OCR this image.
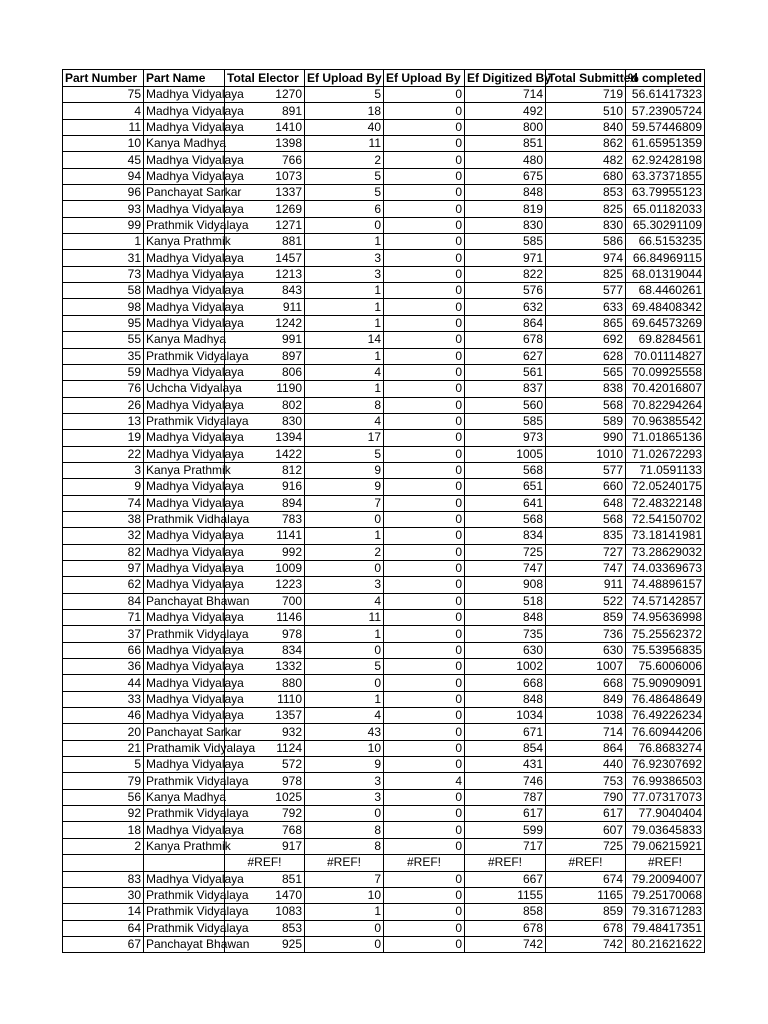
Part Number	Part Name	Total Elector	Ef Upload By	Ef Upload By	Ef Digitized By	Total Submitted	% completed
75	Madhya Vidyalaya	1270	5	0	714	719	56.61417323
4	Madhya Vidyalaya	891	18	0	492	510	57.23905724
11	Madhya Vidyalaya	1410	40	0	800	840	59.57446809
10	Kanya Madhya	1398	11	0	851	862	61.65951359
45	Madhya Vidyalaya	766	2	0	480	482	62.92428198
94	Madhya Vidyalaya	1073	5	0	675	680	63.37371855
96	Panchayat Sarkar	1337	5	0	848	853	63.79955123
93	Madhya Vidyalaya	1269	6	0	819	825	65.01182033
99	Prathmik Vidyalaya	1271	0	0	830	830	65.30291109
1	Kanya Prathmik	881	1	0	585	586	66.5153235
31	Madhya Vidyalaya	1457	3	0	971	974	66.84969115
73	Madhya Vidyalaya	1213	3	0	822	825	68.01319044
58	Madhya Vidyalaya	843	1	0	576	577	68.4460261
98	Madhya Vidyalaya	911	1	0	632	633	69.48408342
95	Madhya Vidyalaya	1242	1	0	864	865	69.64573269
55	Kanya Madhya	991	14	0	678	692	69.8284561
35	Prathmik Vidyalaya	897	1	0	627	628	70.01114827
59	Madhya Vidyalaya	806	4	0	561	565	70.09925558
76	Uchcha Vidyalaya	1190	1	0	837	838	70.42016807
26	Madhya Vidyalaya	802	8	0	560	568	70.82294264
13	Prathmik Vidyalaya	830	4	0	585	589	70.96385542
19	Madhya Vidyalaya	1394	17	0	973	990	71.01865136
22	Madhya Vidyalaya	1422	5	0	1005	1010	71.02672293
3	Kanya Prathmik	812	9	0	568	577	71.0591133
9	Madhya Vidyalaya	916	9	0	651	660	72.05240175
74	Madhya Vidyalaya	894	7	0	641	648	72.48322148
38	Prathmik Vidhalaya	783	0	0	568	568	72.54150702
32	Madhya Vidyalaya	1141	1	0	834	835	73.18141981
82	Madhya Vidyalaya	992	2	0	725	727	73.28629032
97	Madhya Vidyalaya	1009	0	0	747	747	74.03369673
62	Madhya Vidyalaya	1223	3	0	908	911	74.48896157
84	Panchayat Bhawan	700	4	0	518	522	74.57142857
71	Madhya Vidyalaya	1146	11	0	848	859	74.95636998
37	Prathmik Vidyalaya	978	1	0	735	736	75.25562372
66	Madhya Vidyalaya	834	0	0	630	630	75.53956835
36	Madhya Vidyalaya	1332	5	0	1002	1007	75.6006006
44	Madhya Vidyalaya	880	0	0	668	668	75.90909091
33	Madhya Vidyalaya	1110	1	0	848	849	76.48648649
46	Madhya Vidyalaya	1357	4	0	1034	1038	76.49226234
20	Panchayat Sarkar	932	43	0	671	714	76.60944206
21	Prathamik Vidyalaya	1124	10	0	854	864	76.8683274
5	Madhya Vidyalaya	572	9	0	431	440	76.92307692
79	Prathmik Vidyalaya	978	3	4	746	753	76.99386503
56	Kanya Madhya	1025	3	0	787	790	77.07317073
92	Prathmik Vidyalaya	792	0	0	617	617	77.9040404
18	Madhya Vidyalaya	768	8	0	599	607	79.03645833
2	Kanya Prathmik	917	8	0	717	725	79.06215921
		#REF!	#REF!	#REF!	#REF!	#REF!	#REF!
83	Madhya Vidyalaya	851	7	0	667	674	79.20094007
30	Prathmik Vidyalaya	1470	10	0	1155	1165	79.25170068
14	Prathmik Vidyalaya	1083	1	0	858	859	79.31671283
64	Prathmik Vidyalaya	853	0	0	678	678	79.48417351
67	Panchayat Bhawan	925	0	0	742	742	80.21621622
